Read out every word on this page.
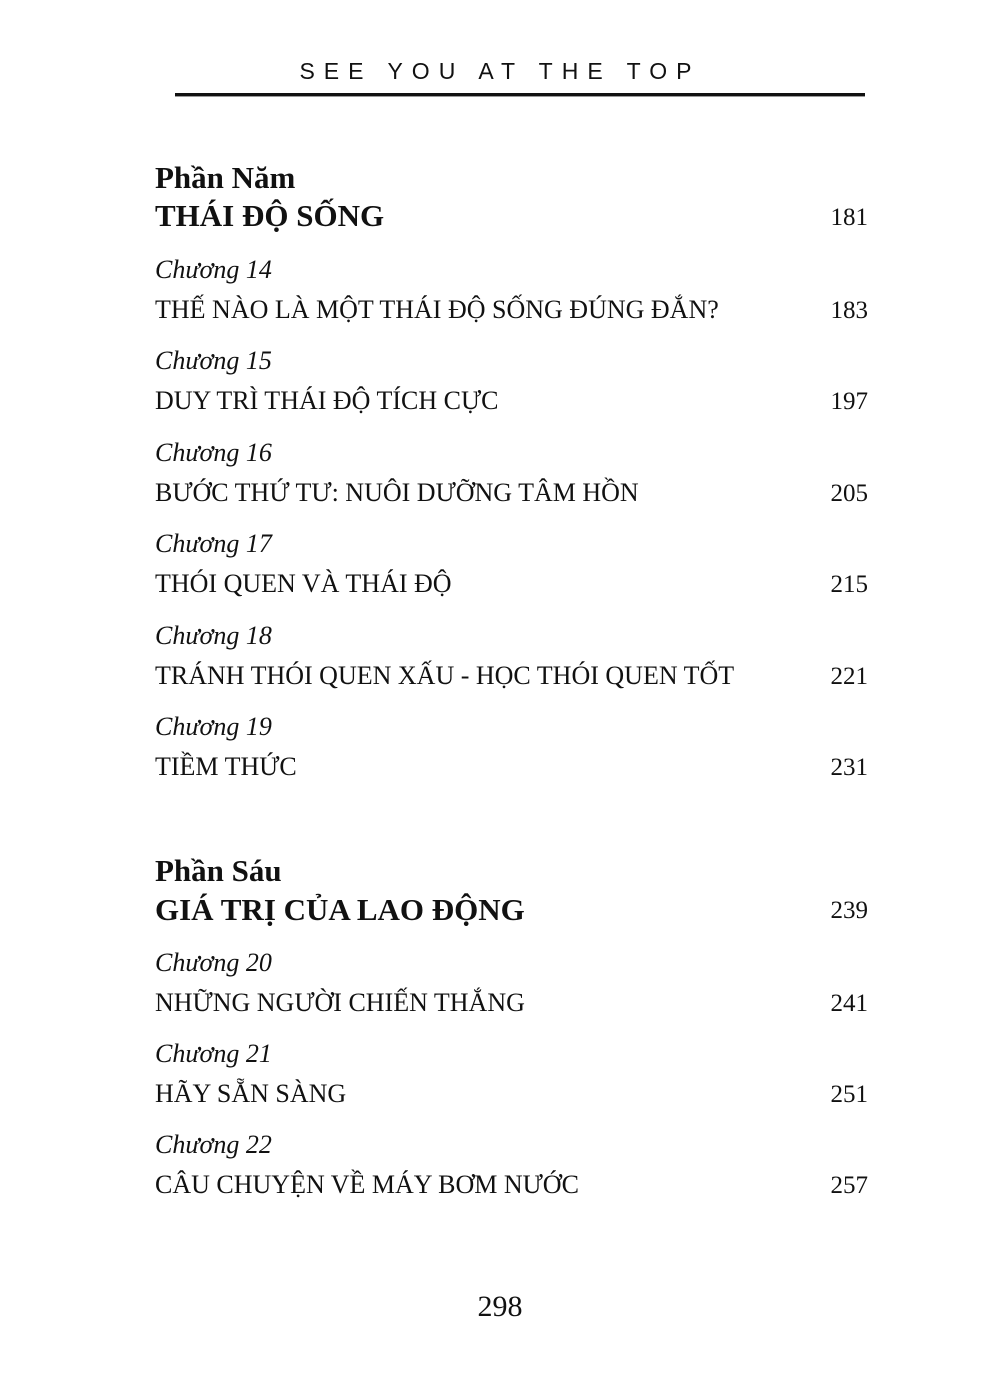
SEE YOU AT THE TOP
Phần Năm
THÁI ĐỘ SỐNG	181
Chương 14
THẾ NÀO LÀ MỘT THÁI ĐỘ SỐNG ĐÚNG ĐẮN?	183
Chương 15
DUY TRÌ THÁI ĐỘ TÍCH CỰC	197
Chương 16
BƯỚC THỨ TƯ: NUÔI DƯỠNG TÂM HỒN	205
Chương 17
THÓI QUEN VÀ THÁI ĐỘ	215
Chương 18
TRÁNH THÓI QUEN XẤU - HỌC THÓI QUEN TỐT	221
Chương 19
TIỀM THỨC	231
Phần Sáu
GIÁ TRỊ CỦA LAO ĐỘNG	239
Chương 20
NHỮNG NGƯỜI CHIẾN THẮNG	241
Chương 21
HÃY SẴN SÀNG	251
Chương 22
CÂU CHUYỆN VỀ MÁY BƠM NƯỚC	257
298
